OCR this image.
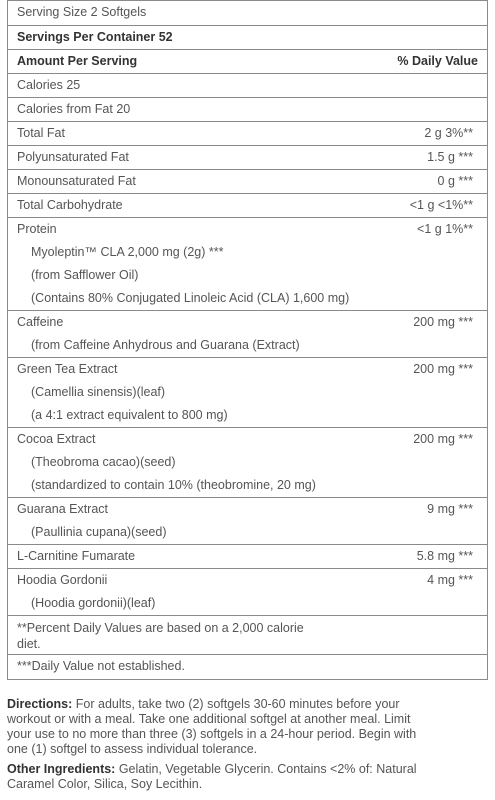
Serving Size 2 Softgels
Servings Per Container 52
Amount Per Serving	% Daily Value
Calories 25
Calories from Fat 20
Total Fat	2 g 3%**
Polyunsaturated Fat	1.5 g ***
Monounsaturated Fat	0 g ***
Total Carbohydrate	<1 g <1%**
Protein	<1 g 1%**
Myoleptin™ CLA 2,000 mg (2g) ***
(from Safflower Oil)
(Contains 80% Conjugated Linoleic Acid (CLA) 1,600 mg)
Caffeine	200 mg ***
(from Caffeine Anhydrous and Guarana (Extract)
Green Tea Extract	200 mg ***
(Camellia sinensis)(leaf)
(a 4:1 extract equivalent to 800 mg)
Cocoa Extract	200 mg ***
(Theobroma cacao)(seed)
(standardized to contain 10% (theobromine, 20 mg)
Guarana Extract	9 mg ***
(Paullinia cupana)(seed)
L-Carnitine Fumarate	5.8 mg ***
Hoodia Gordonii	4 mg ***
(Hoodia gordonii)(leaf)
**Percent Daily Values are based on a 2,000 calorie
diet.
***Daily Value not established.
Directions: For adults, take two (2) softgels 30-60 minutes before your
workout or with a meal. Take one additional softgel at another meal. Limit
your use to no more than three (3) softgels in a 24-hour period. Begin with
one (1) softgel to assess individual tolerance.
Other Ingredients: Gelatin, Vegetable Glycerin. Contains <2% of: Natural
Caramel Color, Silica, Soy Lecithin.
